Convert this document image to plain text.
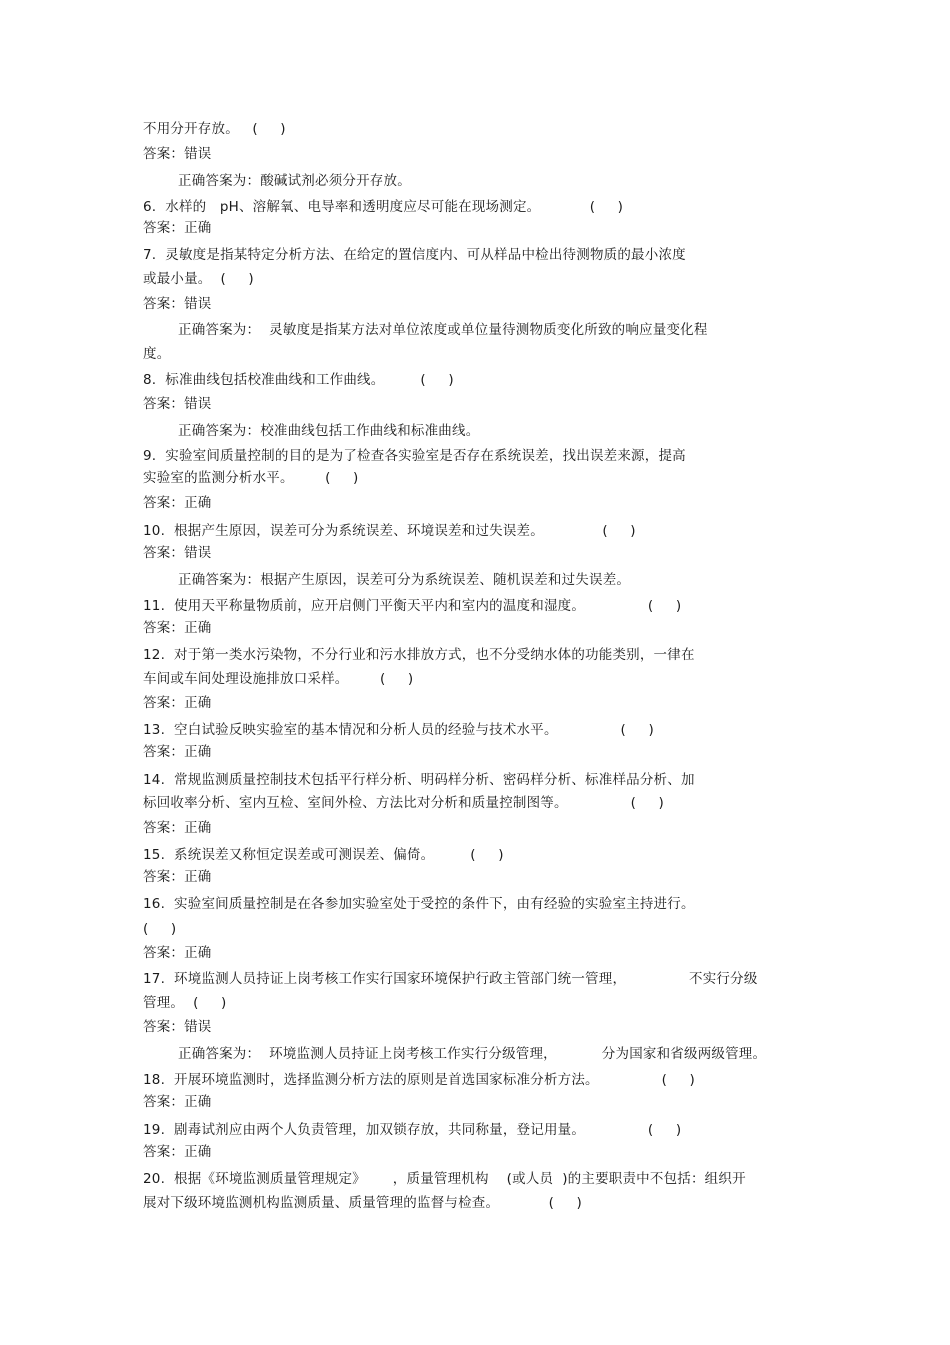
不用分开存放。   (     )
答案：错误
正确答案为：酸碱试剂必须分开存放。
6.  水样的   pH、溶解氧、电导率和透明度应尽可能在现场测定。           (     )
答案：正确
7.  灵敏度是指某特定分析方法、在给定的置信度内、可从样品中检出待测物质的最小浓度
或最小量。  (     )
答案：错误
正确答案为：  灵敏度是指某方法对单位浓度或单位量待测物质变化所致的响应量变化程
度。
8.  标准曲线包括校准曲线和工作曲线。        (     )
答案：错误
正确答案为：校准曲线包括工作曲线和标准曲线。
9.  实验室间质量控制的目的是为了检查各实验室是否存在系统误差，找出误差来源，提高
实验室的监测分析水平。       (     )
答案：正确
10.  根据产生原因，误差可分为系统误差、环境误差和过失误差。             (     )
答案：错误
正确答案为：根据产生原因，误差可分为系统误差、随机误差和过失误差。
11.  使用天平称量物质前，应开启侧门平衡天平内和室内的温度和湿度。              (     )
答案：正确
12.  对于第一类水污染物，不分行业和污水排放方式，也不分受纳水体的功能类别，一律在
车间或车间处理设施排放口采样。       (     )
答案：正确
13.  空白试验反映实验室的基本情况和分析人员的经验与技术水平。              (     )
答案：正确
14.  常规监测质量控制技术包括平行样分析、明码样分析、密码样分析、标准样品分析、加
标回收率分析、室内互检、室间外检、方法比对分析和质量控制图等。              (     )
答案：正确
15.  系统误差又称恒定误差或可测误差、偏倚。        (     )
答案：正确
16.  实验室间质量控制是在各参加实验室处于受控的条件下，由有经验的实验室主持进行。
(     )
答案：正确
17.  环境监测人员持证上岗考核工作实行国家环境保护行政主管部门统一管理，              不实行分级
管理。  (     )
答案：错误
正确答案为：  环境监测人员持证上岗考核工作实行分级管理，          分为国家和省级两级管理。
18.  开展环境监测时，选择监测分析方法的原则是首选国家标准分析方法。              (     )
答案：正确
19.  剧毒试剂应由两个人负责管理，加双锁存放，共同称量，登记用量。              (     )
答案：正确
20.  根据《环境监测质量管理规定》      ，质量管理机构    (或人员  )的主要职责中不包括：组织开
展对下级环境监测机构监测质量、质量管理的监督与检查。           (     )
